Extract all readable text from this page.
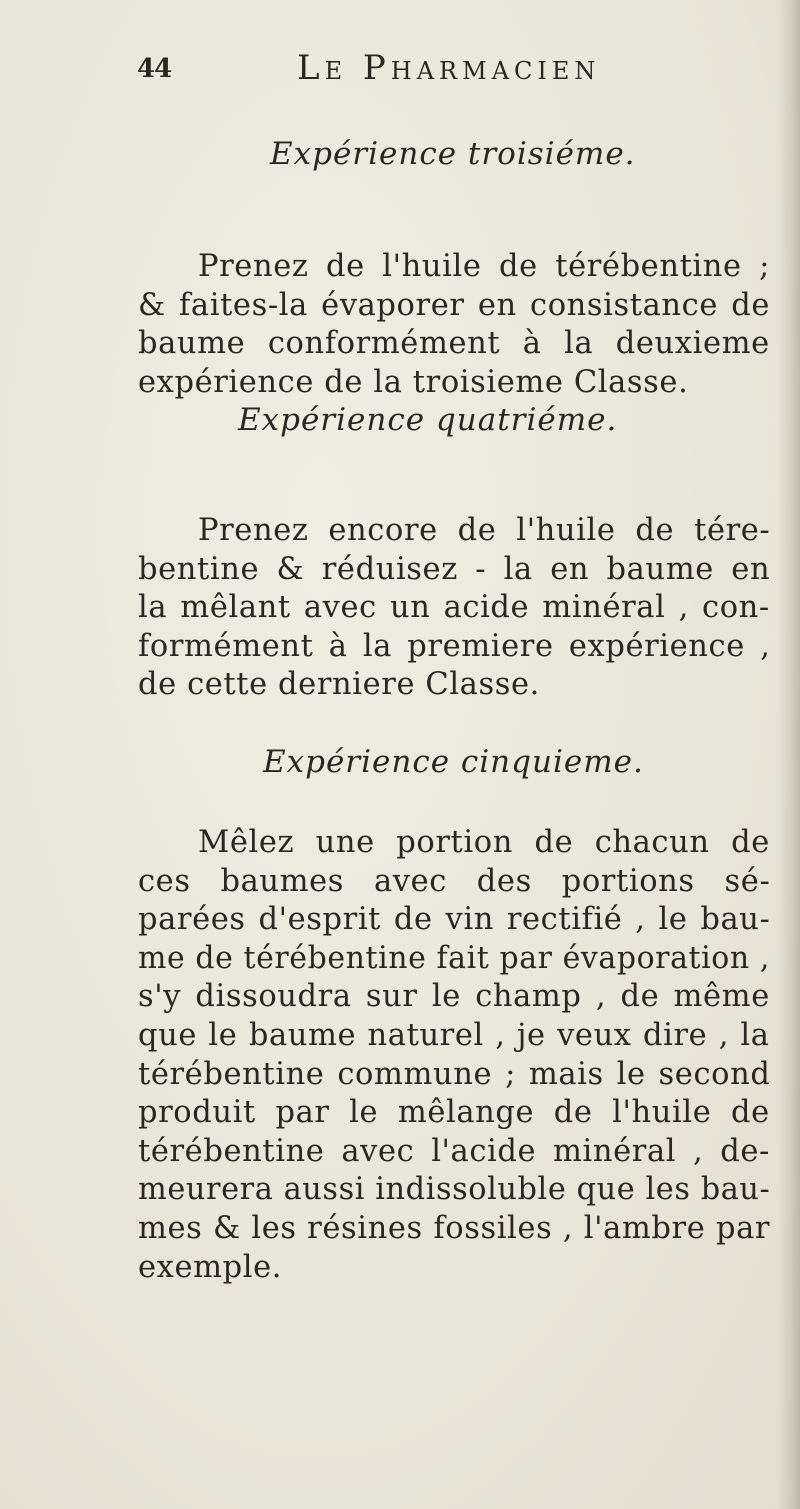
44	Le Pharmacien
Expérience troisiéme.
Prenez de l'huile de térébentine ;
& faites-la évaporer en consistance de
baume conformément à la deuxieme
expérience de la troisieme Classe.
Expérience quatriéme.
Prenez encore de l'huile de tére-
bentine & réduisez - la en baume en
la mêlant avec un acide minéral , con-
formément à la premiere expérience ,
de cette derniere Classe.
Expérience cinquieme.
Mêlez une portion de chacun de
ces baumes avec des portions sé-
parées d'esprit de vin rectifié , le bau-
me de térébentine fait par évaporation ,
s'y dissoudra sur le champ , de même
que le baume naturel , je veux dire , la
térébentine commune ; mais le second
produit par le mêlange de l'huile de
térébentine avec l'acide minéral , de-
meurera aussi indissoluble que les bau-
mes & les résines fossiles , l'ambre par
exemple.
